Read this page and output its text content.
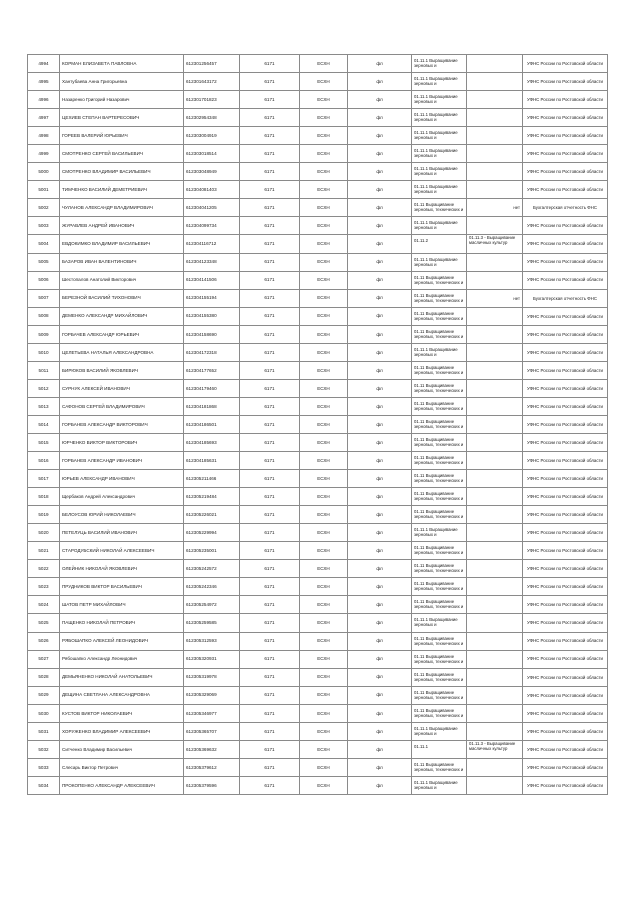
4994	КОРМАН ЕЛИЗАВЕТА ПАВЛОВНА	612301256457	6171	ЕСХН	фл	01.11.1 Выращивание зерновых и		УФНС России по Ростовской области
4995	Хантубаева Анна Григорьевна	612301643172	6171	ЕСХН	фл	01.11.1 Выращивание зерновых и		УФНС России по Ростовской области
4996	Назаренко Григорий Назарович	612301701823	6171	ЕСХН	фл	01.11.1 Выращивание зерновых и		УФНС России по Ростовской области
4997	ЦЕХИЕВ СТЕПАН ВАРТЕРЕСОВИЧ	612302954348	6171	ЕСХН	фл	01.11.1 Выращивание зерновых и		УФНС России по Ростовской области
4998	ГОРЕЕВ ВАЛЕРИЙ ЮРЬЕВИЧ	612303004919	6171	ЕСХН	фл	01.11.1 Выращивание зерновых и		УФНС России по Ростовской области
4999	СМОТРЕНКО СЕРГЕЙ ВАСИЛЬЕВИЧ	612303018514	6171	ЕСХН	фл	01.11.1 Выращивание зерновых и		УФНС России по Ростовской области
5000	СМОТРЕНКО ВЛАДИМИР ВАСИЛЬЕВИЧ	612303048949	6171	ЕСХН	фл	01.11.1 Выращивание зерновых и		УФНС России по Ростовской области
5001	ТИМЧЕНКО ВАСИЛИЙ ДЕМЕТРИЕВИЧ	612304081403	6171	ЕСХН	фл	01.11.1 Выращивание зерновых и		УФНС России по Ростовской области
5002	ЧУЛАНОВ АЛЕКСАНДР ВЛАДИМИРОВИЧ	612304041205	6171	ЕСХН	фл	01.11 Выращивание зерновых, технических и	нет	Бухгалтерская отчетность ФНС
5003	ЖУРАВЛЕВ АНДРЕЙ ИВАНОВИЧ	612304099734	6171	ЕСХН	фл	01.11.1 Выращивание зерновых и		УФНС России по Ростовской области
5004	ЕВДОКИМКО ВЛАДИМИР ВАСИЛЬЕВИЧ	612304116712	6171	ЕСХН	фл	01.11.2	01.11.3 - Выращивание масличных культур	УФНС России по Ростовской области
5005	БАЗАРОВ ИВАН ВАЛЕНТИНОВИЧ	612304123348	6171	ЕСХН	фл	01.11.1 Выращивание зерновых и		УФНС России по Ростовской области
5006	Шестопалов Анатолий Викторович	612304141506	6171	ЕСХН	фл	01.11 Выращивание зерновых, технических и		УФНС России по Ростовской области
5007	БЕРЕЗНОЙ ВАСИЛИЙ ТИХОНОВИЧ	612304155194	6171	ЕСХН	фл	01.11 Выращивание зерновых, технических и	нет	Бухгалтерская отчетность ФНС
5008	ДЕМЕНКО АЛЕКСАНДР МИХАЙЛОВИЧ	612304155380	6171	ЕСХН	фл	01.11 Выращивание зерновых, технических и		УФНС России по Ростовской области
5009	ГОРБАЧЕВ АЛЕКСАНДР ЮРЬЕВИЧ	612304158690	6171	ЕСХН	фл	01.11 Выращивание зерновых, технических и		УФНС России по Ростовской области
5010	ЦЕЛЕТЬЕВА НАТАЛЬЯ АЛЕКСАНДРОВНА	612304172318	6171	ЕСХН	фл	01.11.1 Выращивание зерновых и		УФНС России по Ростовской области
5011	БИРЮКОВ ВАСИЛИЙ ЯКОВЛЕВИЧ	612304177652	6171	ЕСХН	фл	01.11 Выращивание зерновых, технических и		УФНС России по Ростовской области
5012	СУРНУК АЛЕКСЕЙ ИВАНОВИЧ	612304179460	6171	ЕСХН	фл	01.11 Выращивание зерновых, технических и		УФНС России по Ростовской области
5013	САФОНОВ СЕРГЕЙ ВЛАДИМИРОВИЧ	612304181868	6171	ЕСХН	фл	01.11 Выращивание зерновых, технических и		УФНС России по Ростовской области
5014	ГОРБАНЕВ АЛЕКСАНДР ВИКТОРОВИЧ	612304186501	6171	ЕСХН	фл	01.11 Выращивание зерновых, технических и		УФНС России по Ростовской области
5015	ЮРЧЕНКО ВИКТОР ВИКТОРОВИЧ	612304185693	6171	ЕСХН	фл	01.11 Выращивание зерновых, технических и		УФНС России по Ростовской области
5016	ГОРБАНЕВ АЛЕКСАНДР ИВАНОВИЧ	612304185631	6171	ЕСХН	фл	01.11 Выращивание зерновых, технических и		УФНС России по Ростовской области
5017	ЮРЬЕВ АЛЕКСАНДР ИВАНОВИЧ	612305211466	6171	ЕСХН	фл	01.11 Выращивание зерновых, технических и		УФНС России по Ростовской области
5018	Щербаков Андрей Александрович	612305219484	6171	ЕСХН	фл	01.11 Выращивание зерновых, технических и		УФНС России по Ростовской области
5019	БЕЛОУСОВ ЮРИЙ НИКОЛАЕВИЧ	612305226021	6171	ЕСХН	фл	01.11 Выращивание зерновых, технических и		УФНС России по Ростовской области
5020	ПЕТЕЛУЦЬ ВАСИЛИЙ ИВАНОВИЧ	612305229994	6171	ЕСХН	фл	01.11.1 Выращивание зерновых и		УФНС России по Ростовской области
5021	СТАРОДУБСКИЙ НИКОЛАЙ АЛЕКСЕЕВИЧ	612305235001	6171	ЕСХН	фл	01.11 Выращивание зерновых, технических и		УФНС России по Ростовской области
5022	ОЛЕЙНИК НИКОЛАЙ ЯКОВЛЕВИЧ	612305242572	6171	ЕСХН	фл	01.11 Выращивание зерновых, технических и		УФНС России по Ростовской области
5023	ПРУДНИКОВ ВИКТОР ВАСИЛЬЕВИЧ	612305242346	6171	ЕСХН	фл	01.11 Выращивание зерновых, технических и		УФНС России по Ростовской области
5024	ШАТОВ ПЕТР МИХАЙЛОВИЧ	612305254972	6171	ЕСХН	фл	01.11 Выращивание зерновых, технических и		УФНС России по Ростовской области
5025	ПАЩЕНКО НИКОЛАЙ ПЕТРОВИЧ	612305259585	6171	ЕСХН	фл	01.11.1 Выращивание зерновых и		УФНС России по Ростовской области
5026	РЯБОШАПКО АЛЕКСЕЙ ЛЕОНИДОВИЧ	612305312593	6171	ЕСХН	фл	01.11 Выращивание зерновых, технических и		УФНС России по Ростовской области
5027	Рябошапко Александр Леонидович	612305320931	6171	ЕСХН	фл	01.11 Выращивание зерновых, технических и		УФНС России по Ростовской области
5028	ДЕМЬЯНЕНКО НИКОЛАЙ АНАТОЛЬЕВИЧ	612305319978	6171	ЕСХН	фл	01.11 Выращивание зерновых, технических и		УФНС России по Ростовской области
5029	ДЕЩИНА СВЕТЛАНА АЛЕКСАНДРОВНА	612305329069	6171	ЕСХН	фл	01.11 Выращивание зерновых, технических и		УФНС России по Ростовской области
5030	КУСТОВ ВИКТОР НИКОЛАЕВИЧ	612305346977	6171	ЕСХН	фл	01.11 Выращивание зерновых, технических и		УФНС России по Ростовской области
5031	ХОРУЖЕНКО ВЛАДИМИР АЛЕКСЕЕВИЧ	612305365707	6171	ЕСХН	фл	01.11.1 Выращивание зерновых и		УФНС России по Ростовской области
5032	Ситченко Владимир Васильевич	612305369632	6171	ЕСХН	фл	01.11.1	01.11.3 - Выращивание масличных культур	УФНС России по Ростовской области
5033	Слесарь Виктор Петрович	612305379612	6171	ЕСХН	фл	01.11 Выращивание зерновых, технических и		УФНС России по Ростовской области
5034	ПРОКОПЕНКО АЛЕКСАНДР АЛЕКСЕЕВИЧ	612305379596	6171	ЕСХН	фл	01.11.1 Выращивание зерновых и		УФНС России по Ростовской области
